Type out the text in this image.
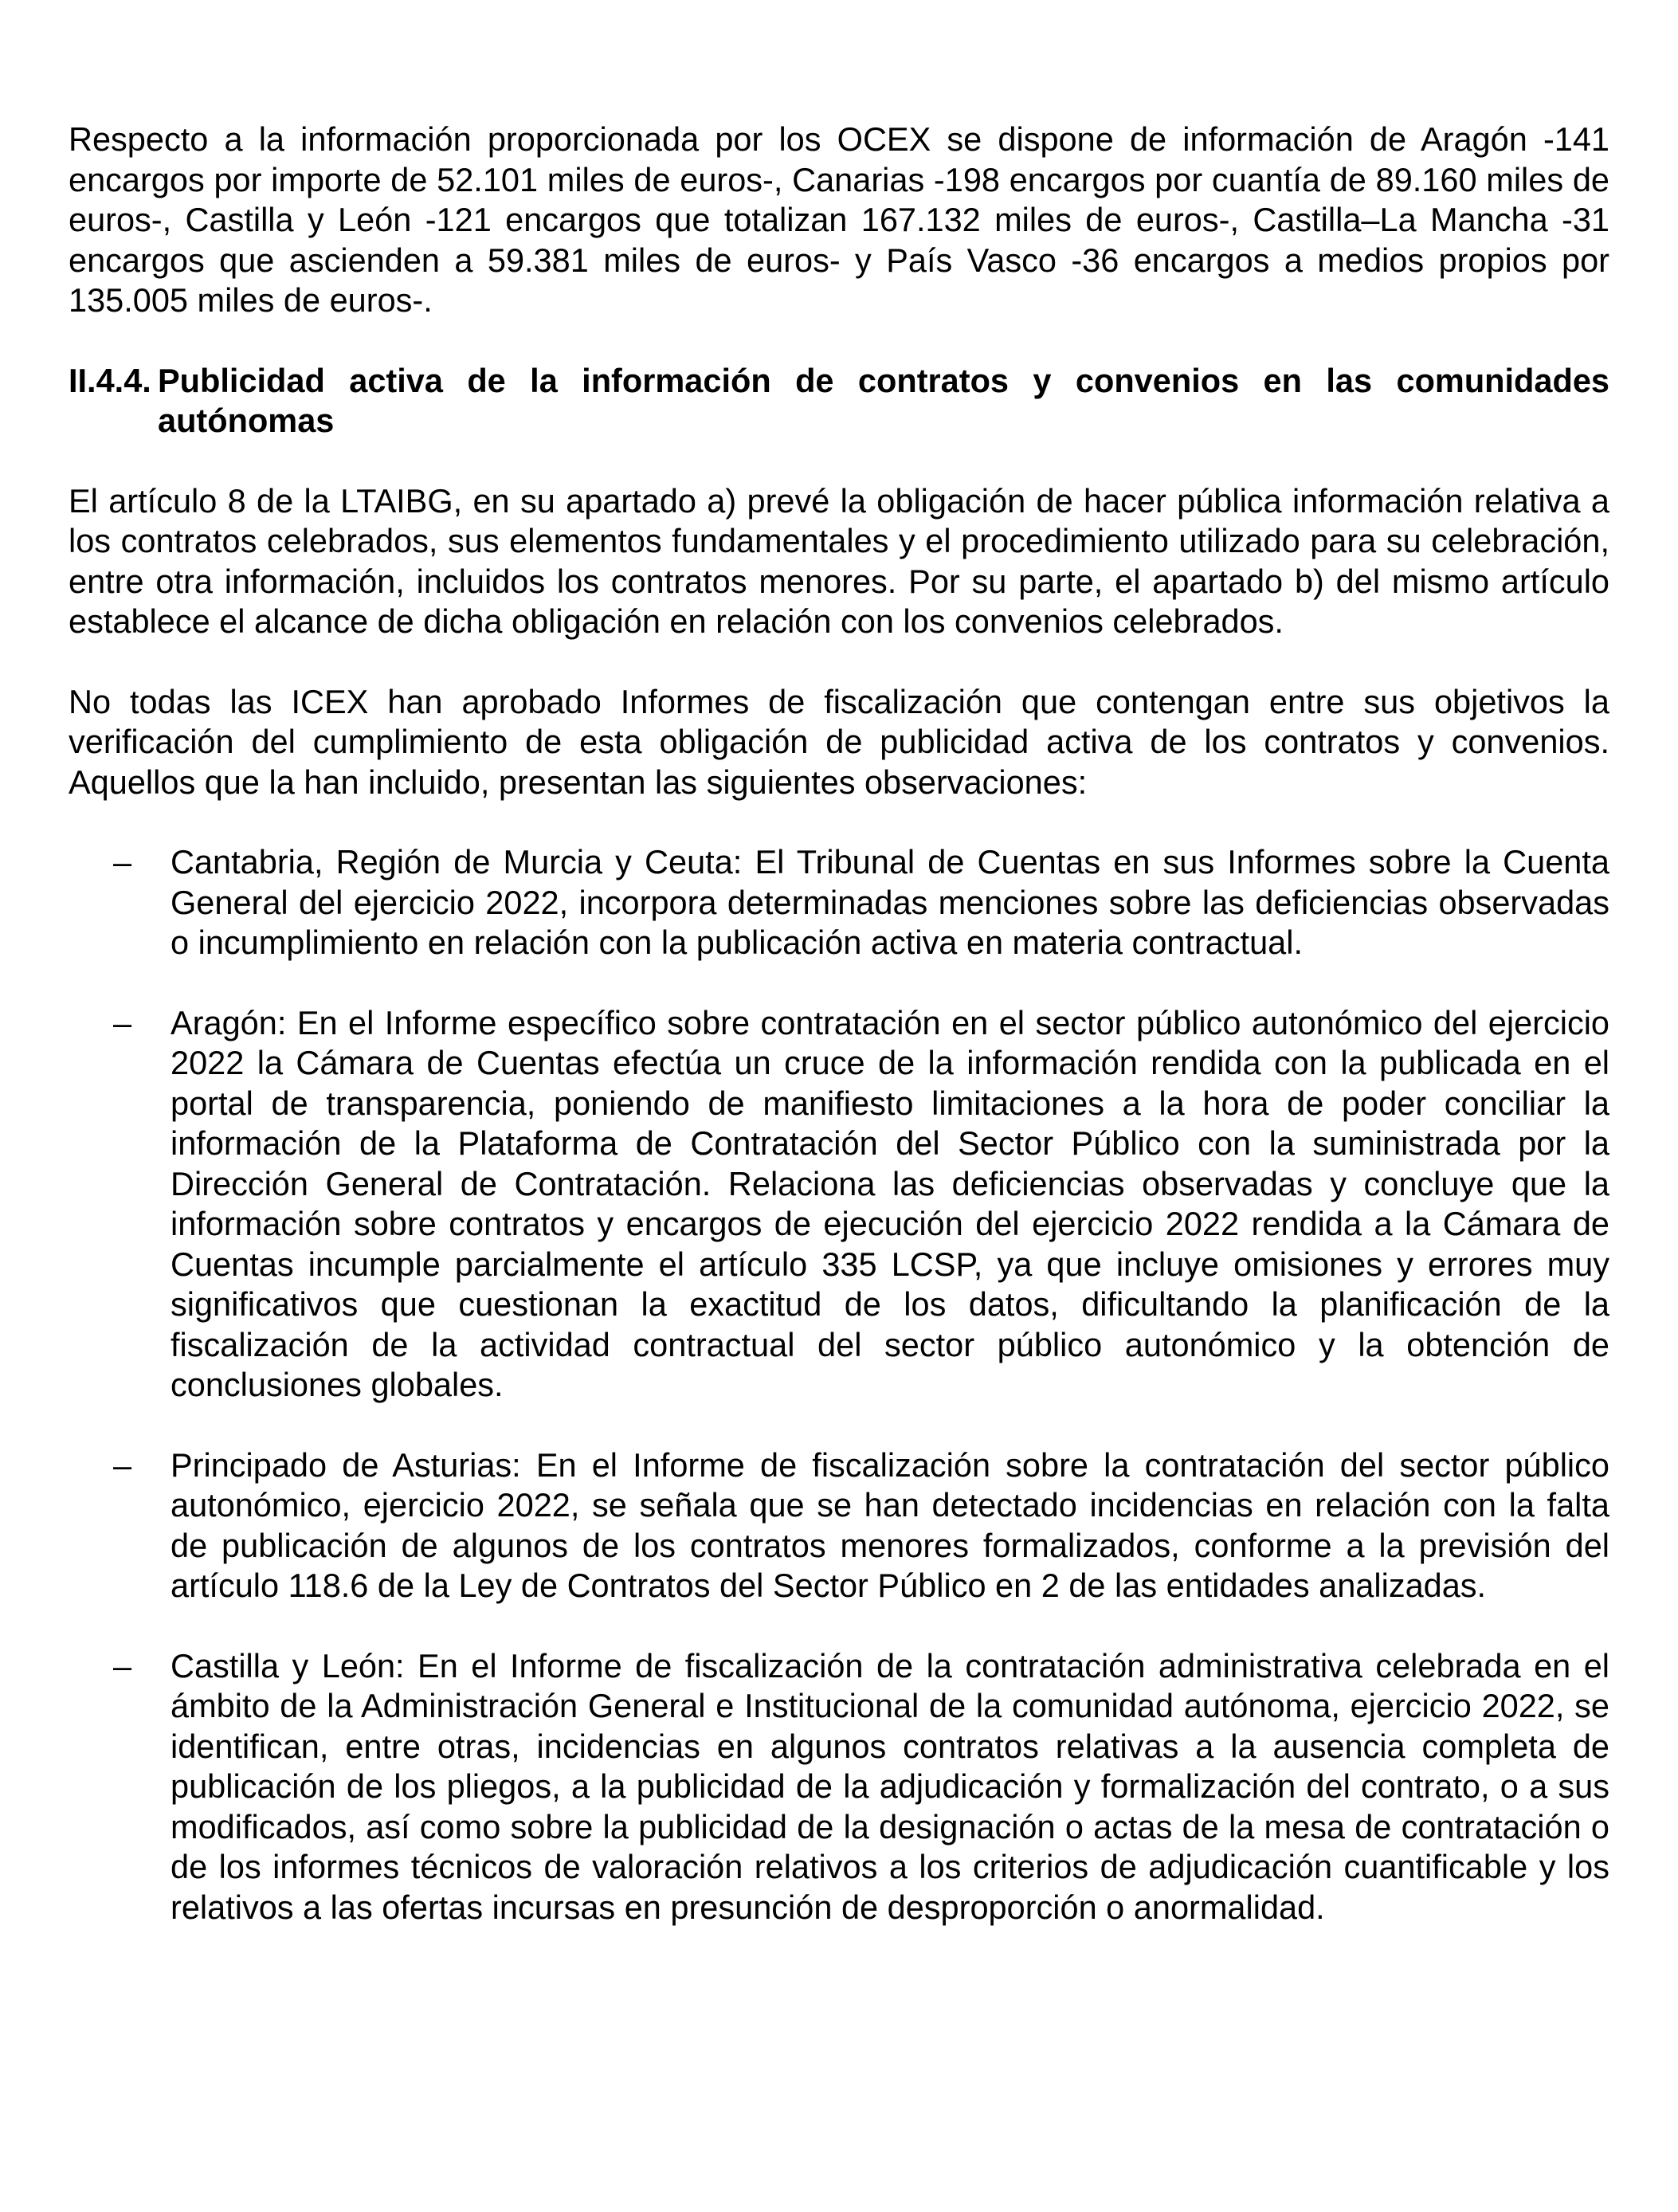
Respecto a la información proporcionada por los OCEX se dispone de información de Aragón -141 encargos por importe de 52.101 miles de euros-, Canarias -198 encargos por cuantía de 89.160 miles de euros-, Castilla y León -121 encargos que totalizan 167.132 miles de euros-, Castilla–La Mancha -31 encargos que ascienden a 59.381 miles de euros- y País Vasco -36 encargos a medios propios por 135.005 miles de euros-.

II.4.4. Publicidad activa de la información de contratos y convenios en las comunidades autónomas

El artículo 8 de la LTAIBG, en su apartado a) prevé la obligación de hacer pública información relativa a los contratos celebrados, sus elementos fundamentales y el procedimiento utilizado para su celebración, entre otra información, incluidos los contratos menores. Por su parte, el apartado b) del mismo artículo establece el alcance de dicha obligación en relación con los convenios celebrados.

No todas las ICEX han aprobado Informes de fiscalización que contengan entre sus objetivos la verificación del cumplimiento de esta obligación de publicidad activa de los contratos y convenios. Aquellos que la han incluido, presentan las siguientes observaciones:

–	Cantabria, Región de Murcia y Ceuta: El Tribunal de Cuentas en sus Informes sobre la Cuenta General del ejercicio 2022, incorpora determinadas menciones sobre las deficiencias observadas o incumplimiento en relación con la publicación activa en materia contractual.
–	Aragón: En el Informe específico sobre contratación en el sector público autonómico del ejercicio 2022 la Cámara de Cuentas efectúa un cruce de la información rendida con la publicada en el portal de transparencia, poniendo de manifiesto limitaciones a la hora de poder conciliar la información de la Plataforma de Contratación del Sector Público con la suministrada por la Dirección General de Contratación. Relaciona las deficiencias observadas y concluye que la información sobre contratos y encargos de ejecución del ejercicio 2022 rendida a la Cámara de Cuentas incumple parcialmente el artículo 335 LCSP, ya que incluye omisiones y errores muy significativos que cuestionan la exactitud de los datos, dificultando la planificación de la fiscalización de la actividad contractual del sector público autonómico y la obtención de conclusiones globales.
–	Principado de Asturias: En el Informe de fiscalización sobre la contratación del sector público autonómico, ejercicio 2022, se señala que se han detectado incidencias en relación con la falta de publicación de algunos de los contratos menores formalizados, conforme a la previsión del artículo 118.6 de la Ley de Contratos del Sector Público en 2 de las entidades analizadas.
–	Castilla y León: En el Informe de fiscalización de la contratación administrativa celebrada en el ámbito de la Administración General e Institucional de la comunidad autónoma, ejercicio 2022, se identifican, entre otras, incidencias en algunos contratos relativas a la ausencia completa de publicación de los pliegos, a la publicidad de la adjudicación y formalización del contrato, o a sus modificados, así como sobre la publicidad de la designación o actas de la mesa de contratación o de los informes técnicos de valoración relativos a los criterios de adjudicación cuantificable y los relativos a las ofertas incursas en presunción de desproporción o anormalidad.
